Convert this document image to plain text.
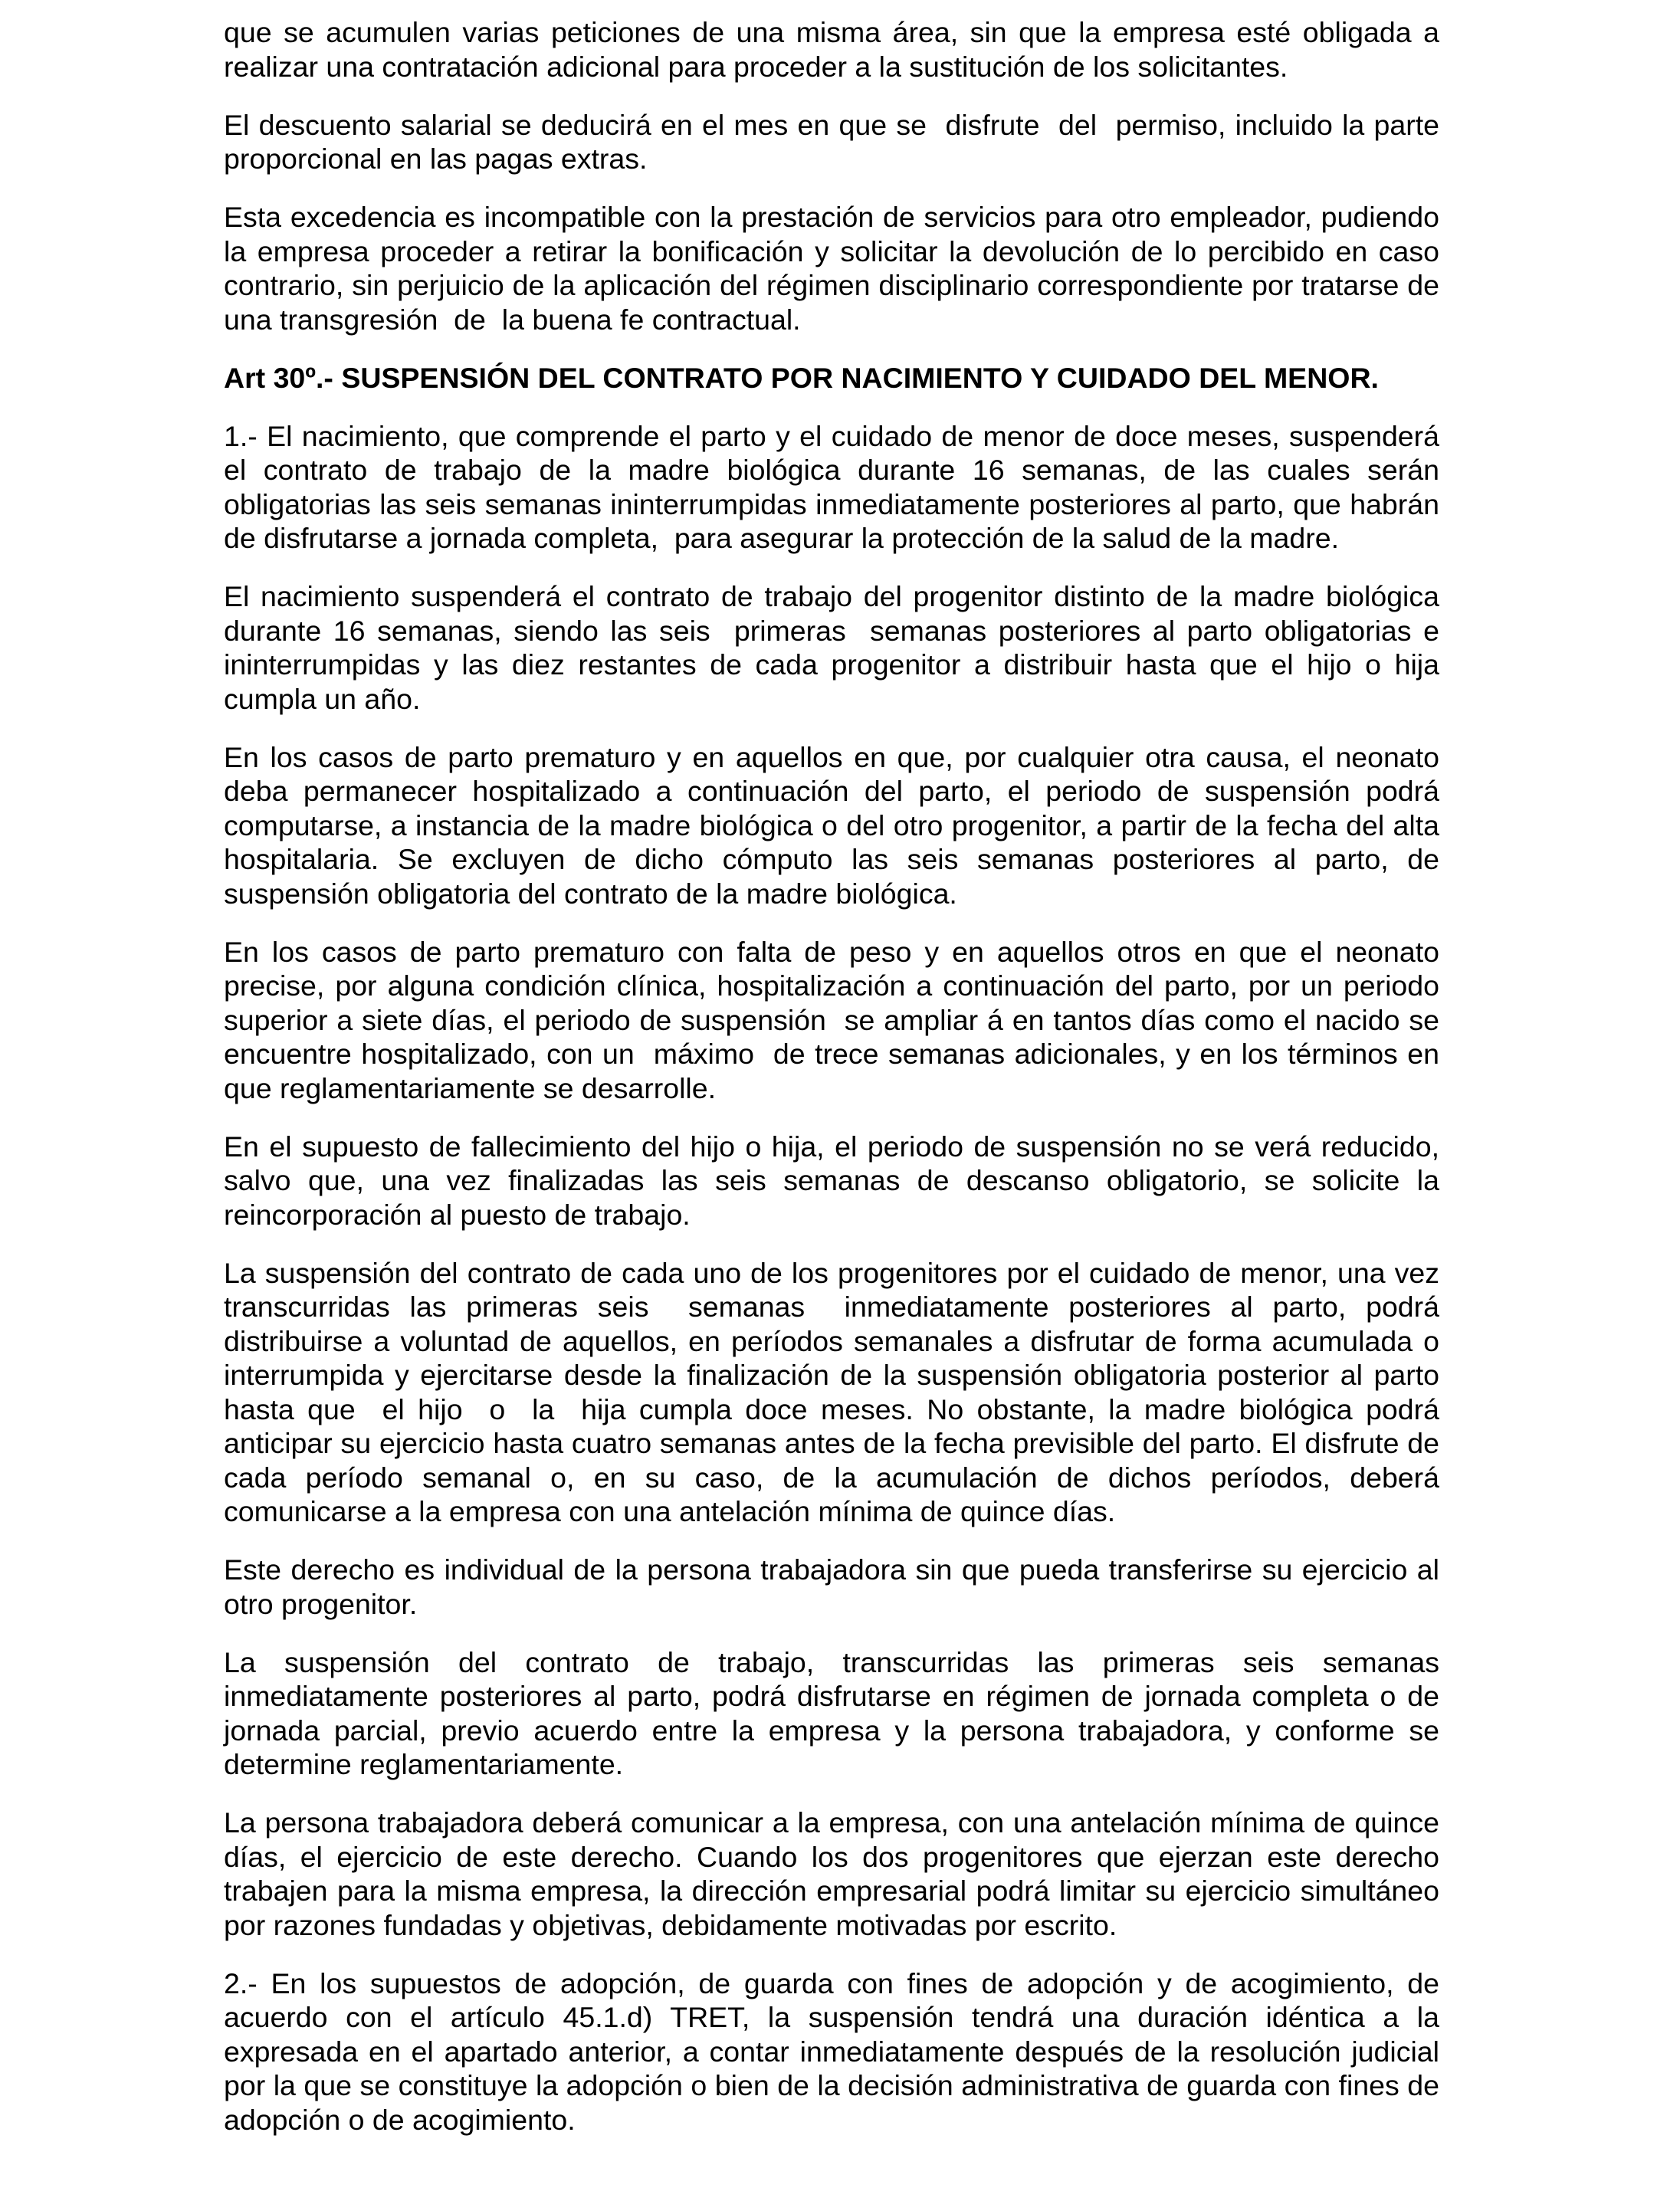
que se acumulen varias peticiones de una misma área, sin que la empresa esté obligada a realizar una contratación adicional para proceder a la sustitución de los solicitantes.

El descuento salarial se deducirá en el mes en que se  disfrute  del  permiso, incluido la parte proporcional en las pagas extras.

Esta excedencia es incompatible con la prestación de servicios para otro empleador, pudiendo la empresa proceder a retirar la bonificación y solicitar la devolución de lo percibido en caso contrario, sin perjuicio de la aplicación del régimen disciplinario correspondiente por tratarse de una transgresión  de  la buena fe contractual.

Art 30º.- SUSPENSIÓN DEL CONTRATO POR NACIMIENTO Y CUIDADO DEL MENOR.

1.- El nacimiento, que comprende el parto y el cuidado de menor de doce meses, suspenderá el contrato de trabajo de la madre biológica durante 16 semanas, de las cuales serán obligatorias las seis semanas ininterrumpidas inmediatamente posteriores al parto, que habrán de disfrutarse a jornada completa,  para asegurar la protección de la salud de la madre.

El nacimiento suspenderá el contrato de trabajo del progenitor distinto de la madre biológica durante 16 semanas, siendo las seis  primeras  semanas posteriores al parto obligatorias e ininterrumpidas y las diez restantes de cada progenitor a distribuir hasta que el hijo o hija cumpla un año.

En los casos de parto prematuro y en aquellos en que, por cualquier otra causa, el neonato deba permanecer hospitalizado a continuación del parto, el periodo de suspensión podrá computarse, a instancia de la madre biológica o del otro progenitor, a partir de la fecha del alta hospitalaria. Se excluyen de dicho cómputo las seis semanas posteriores al parto, de suspensión obligatoria del contrato de la madre biológica.

En los casos de parto prematuro con falta de peso y en aquellos otros en que el neonato precise, por alguna condición clínica, hospitalización a continuación del parto, por un periodo superior a siete días, el periodo de suspensión  se ampliar á en tantos días como el nacido se encuentre hospitalizado, con un  máximo  de trece semanas adicionales, y en los términos en que reglamentariamente se desarrolle.

En el supuesto de fallecimiento del hijo o hija, el periodo de suspensión no se verá reducido, salvo que, una vez finalizadas las seis semanas de descanso obligatorio, se solicite la reincorporación al puesto de trabajo.

La suspensión del contrato de cada uno de los progenitores por el cuidado de menor, una vez transcurridas las primeras seis  semanas  inmediatamente posteriores al parto, podrá distribuirse a voluntad de aquellos, en períodos semanales a disfrutar de forma acumulada o interrumpida y ejercitarse desde la finalización de la suspensión obligatoria posterior al parto hasta que  el hijo  o  la  hija cumpla doce meses. No obstante, la madre biológica podrá anticipar su ejercicio hasta cuatro semanas antes de la fecha previsible del parto. El disfrute de cada período semanal o, en su caso, de la acumulación de dichos períodos, deberá comunicarse a la empresa con una antelación mínima de quince días.

Este derecho es individual de la persona trabajadora sin que pueda transferirse su ejercicio al otro progenitor.

La suspensión del contrato de trabajo, transcurridas las primeras seis semanas inmediatamente posteriores al parto, podrá disfrutarse en régimen de jornada completa o de jornada parcial, previo acuerdo entre la empresa y la persona trabajadora, y conforme se determine reglamentariamente.

La persona trabajadora deberá comunicar a la empresa, con una antelación mínima de quince días, el ejercicio de este derecho. Cuando los dos progenitores que ejerzan este derecho trabajen para la misma empresa, la dirección empresarial podrá limitar su ejercicio simultáneo por razones fundadas y objetivas, debidamente motivadas por escrito.

2.- En los supuestos de adopción, de guarda con fines de adopción y de acogimiento, de acuerdo con el artículo 45.1.d) TRET, la suspensión tendrá una duración idéntica a la expresada en el apartado anterior, a contar inmediatamente después de la resolución judicial por la que se constituye la adopción o bien de la decisión administrativa de guarda con fines de adopción o de acogimiento.
